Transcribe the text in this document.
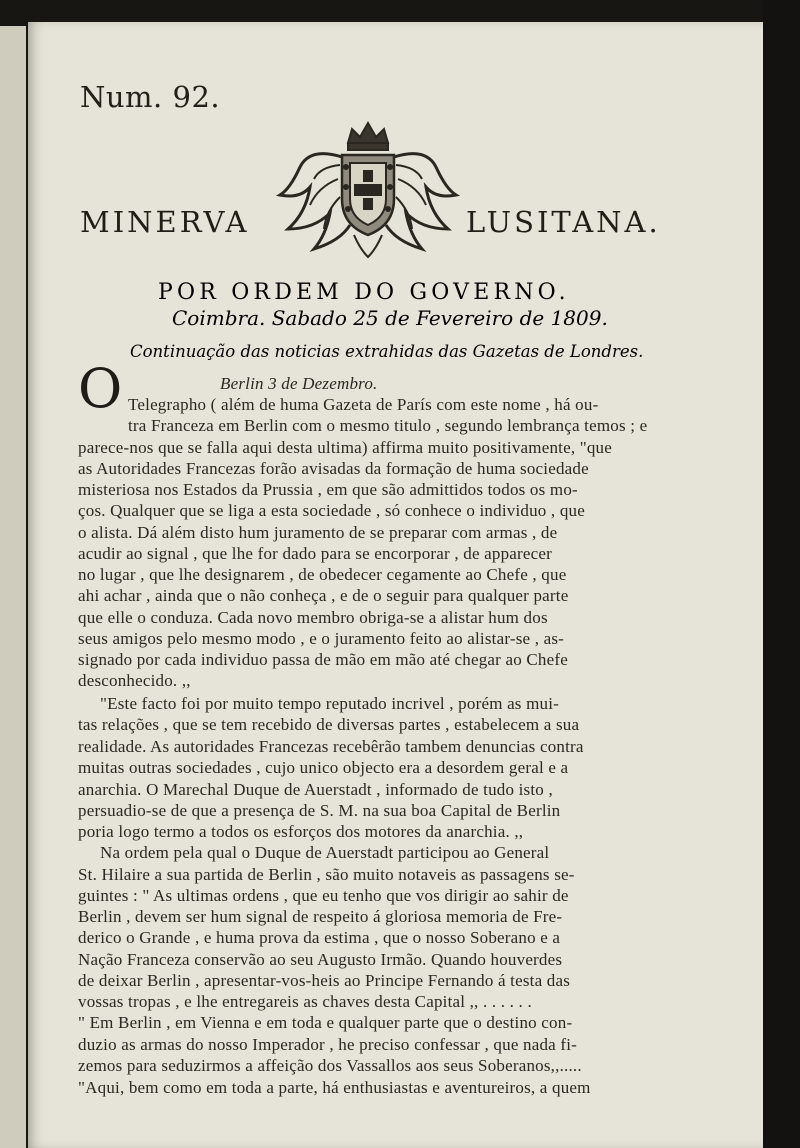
Num. 92.
MINERVA	LUSITANA.
POR ORDEM DO GOVERNO.
Coimbra. Sabado 25 de Fevereiro de 1809.
Continuação das noticias extrahidas das Gazetas de Londres.
O	Berlin 3 de Dezembro.
Telegrapho ( além de huma Gazeta de París com este nome , há ou-
tra Franceza em Berlin com o mesmo titulo , segundo lembrança temos ; e
parece-nos que se falla aqui desta ultima) affirma muito positivamente, "que
as Autoridades Francezas forão avisadas da formação de huma sociedade
misteriosa nos Estados da Prussia , em que são admittidos todos os mo-
ços. Qualquer que se liga a esta sociedade , só conhece o individuo , que
o alista. Dá além disto hum juramento de se preparar com armas , de
acudir ao signal , que lhe for dado para se encorporar , de apparecer
no lugar , que lhe designarem , de obedecer cegamente ao Chefe , que
ahi achar , ainda que o não conheça , e de o seguir para qualquer parte
que elle o conduza. Cada novo membro obriga-se a alistar hum dos
seus amigos pelo mesmo modo , e o juramento feito ao alistar-se , as-
signado por cada individuo passa de mão em mão até chegar ao Chefe
desconhecido. ,,
"Este facto foi por muito tempo reputado incrivel , porém as mui-
tas relações , que se tem recebido de diversas partes , estabelecem a sua
realidade. As autoridades Francezas recebêrão tambem denuncias contra
muitas outras sociedades , cujo unico objecto era a desordem geral e a
anarchia. O Marechal Duque de Auerstadt , informado de tudo isto ,
persuadio-se de que a presença de S. M. na sua boa Capital de Berlin
poria logo termo a todos os esforços dos motores da anarchia. ,,
Na ordem pela qual o Duque de Auerstadt participou ao General
St. Hilaire a sua partida de Berlin , são muito notaveis as passagens se-
guintes : " As ultimas ordens , que eu tenho que vos dirigir ao sahir de
Berlin , devem ser hum signal de respeito á gloriosa memoria de Fre-
derico o Grande , e huma prova da estima , que o nosso Soberano e a
Nação Franceza conservão ao seu Augusto Irmão. Quando houverdes
de deixar Berlin , apresentar-vos-heis ao Principe Fernando á testa das
vossas tropas , e lhe entregareis as chaves desta Capital ,, . . . . . .
" Em Berlin , em Vienna e em toda e qualquer parte que o destino con-
duzio as armas do nosso Imperador , he preciso confessar , que nada fi-
zemos para seduzirmos a affeição dos Vassallos aos seus Soberanos,,.....
"Aqui, bem como em toda a parte, há enthusiastas e aventureiros, a quem
